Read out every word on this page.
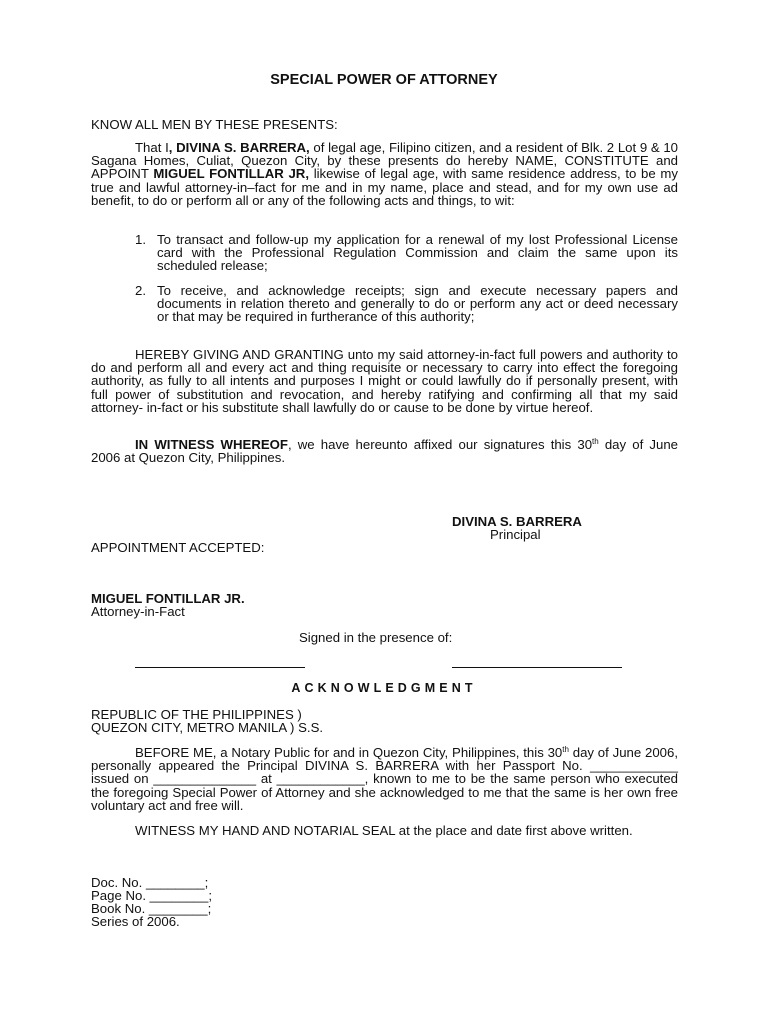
SPECIAL POWER OF ATTORNEY
KNOW ALL MEN BY THESE PRESENTS:
That I, DIVINA S. BARRERA, of legal age, Filipino citizen, and a resident of Blk. 2 Lot 9 & 10 Sagana Homes, Culiat, Quezon City, by these presents do hereby NAME, CONSTITUTE and APPOINT MIGUEL FONTILLAR JR, likewise of legal age, with same residence address, to be my true and lawful attorney-in–fact for me and in my name, place and stead, and for my own use ad benefit, to do or perform all or any of the following acts and things, to wit:
1. To transact and follow-up my application for a renewal of my lost Professional License card with the Professional Regulation Commission and claim the same upon its scheduled release;
2. To receive, and acknowledge receipts; sign and execute necessary papers and documents in relation thereto and generally to do or perform any act or deed necessary or that may be required in furtherance of this authority;
HEREBY GIVING AND GRANTING unto my said attorney-in-fact full powers and authority to do and perform all and every act and thing requisite or necessary to carry into effect the foregoing authority, as fully to all intents and purposes I might or could lawfully do if personally present, with full power of substitution and revocation, and hereby ratifying and confirming all that my said attorney- in-fact or his substitute shall lawfully do or cause to be done by virtue hereof.
IN WITNESS WHEREOF, we have hereunto affixed our signatures this 30th day of June 2006 at Quezon City, Philippines.
DIVINA S. BARRERA
Principal
APPOINTMENT ACCEPTED:
MIGUEL FONTILLAR JR.
Attorney-in-Fact
Signed in the presence of:
ACKNOWLEDGMENT
REPUBLIC OF THE PHILIPPINES )
QUEZON CITY, METRO MANILA ) S.S.
BEFORE ME, a Notary Public for and in Quezon City, Philippines, this 30th day of June 2006, personally appeared the Principal DIVINA S. BARRERA with her Passport No. ____________ issued on ______________ at ____________, known to me to be the same person who executed the foregoing Special Power of Attorney and she acknowledged to me that the same is her own free voluntary act and free will.
WITNESS MY HAND AND NOTARIAL SEAL at the place and date first above written.
Doc. No. ________;
Page No. ________;
Book No. ________;
Series of 2006.
